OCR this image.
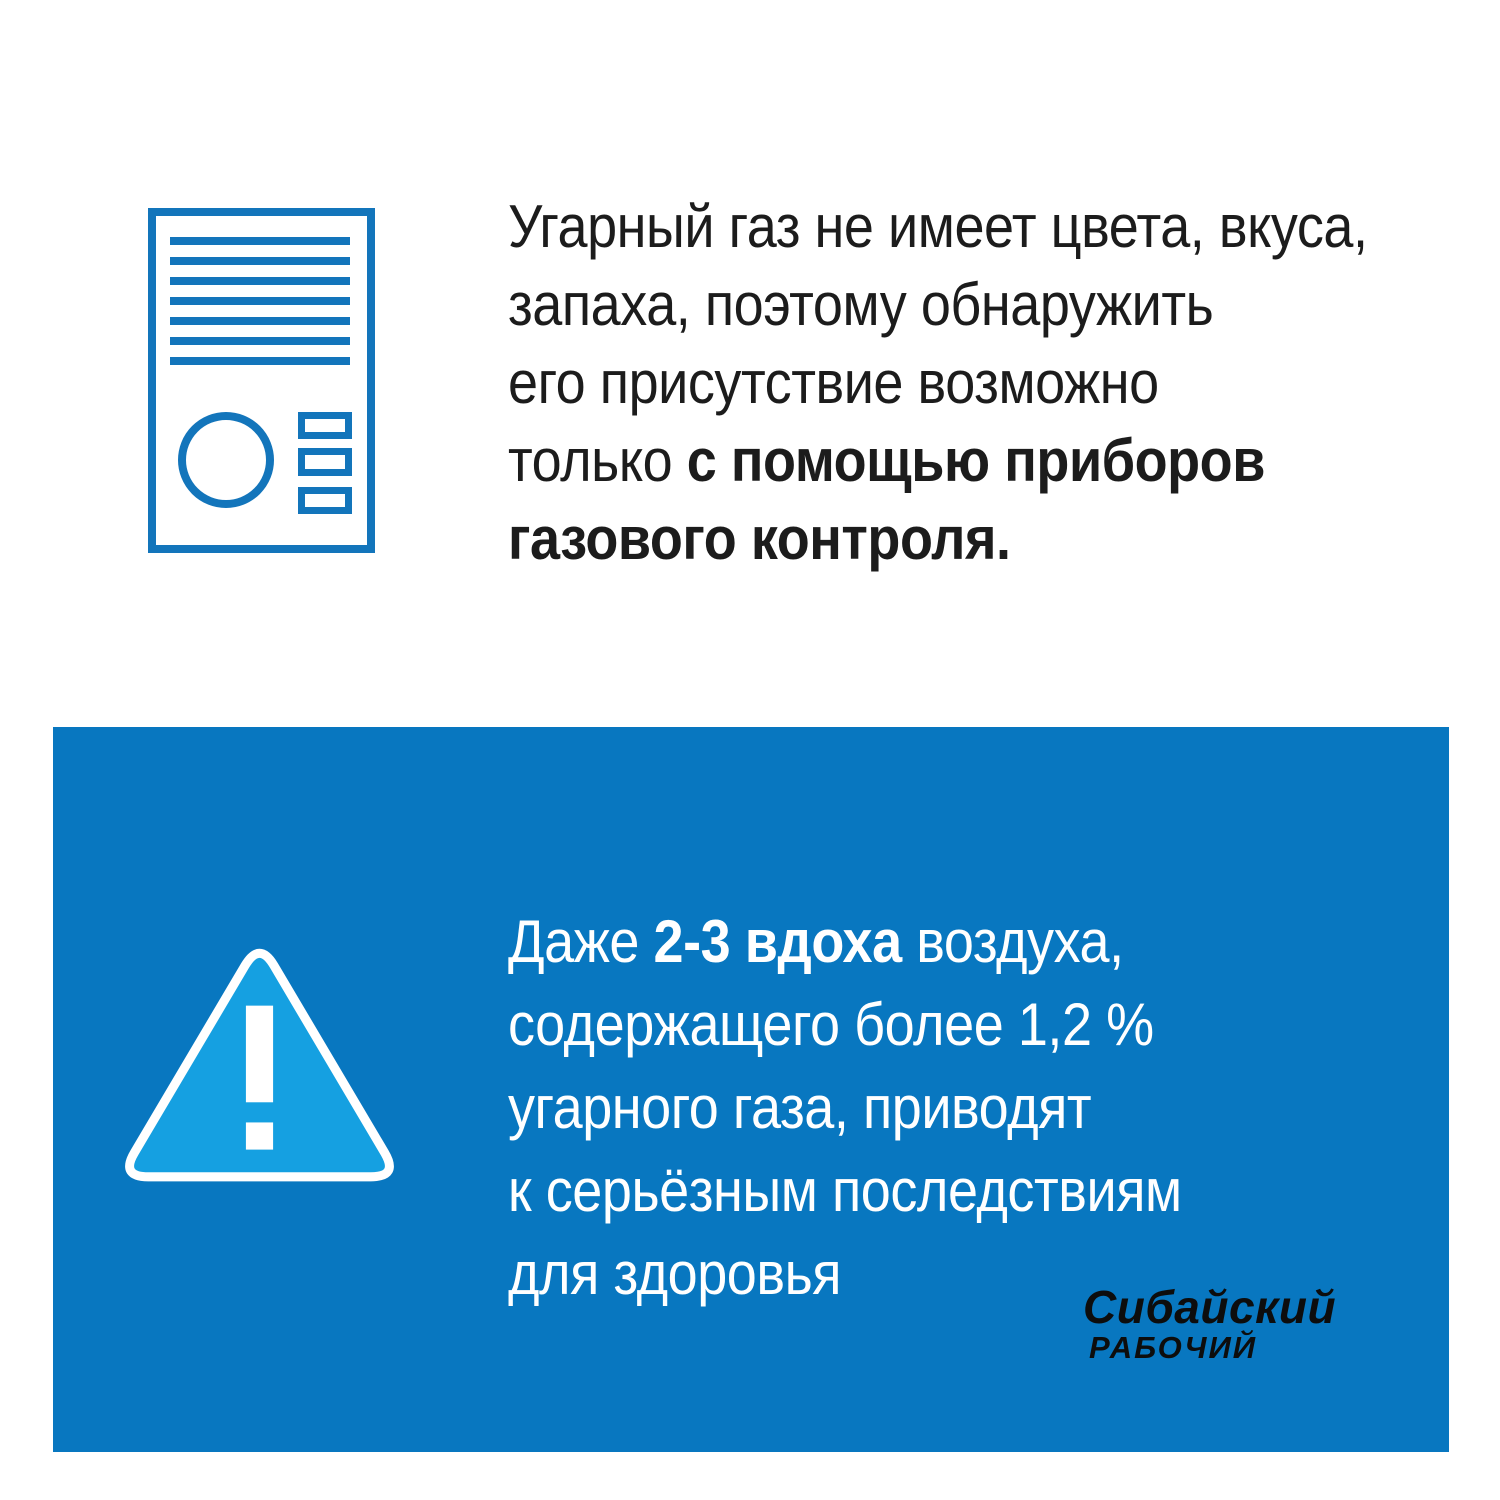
Угарный газ не имеет цвета, вкуса,
запаха, поэтому обнаружить
его присутствие возможно
только с помощью приборов
газового контроля.
Даже 2-3 вдоха воздуха,
содержащего более 1,2 %
угарного газа, приводят
к серьёзным последствиям
для здоровья	Сибайский
РАБОЧИЙ
